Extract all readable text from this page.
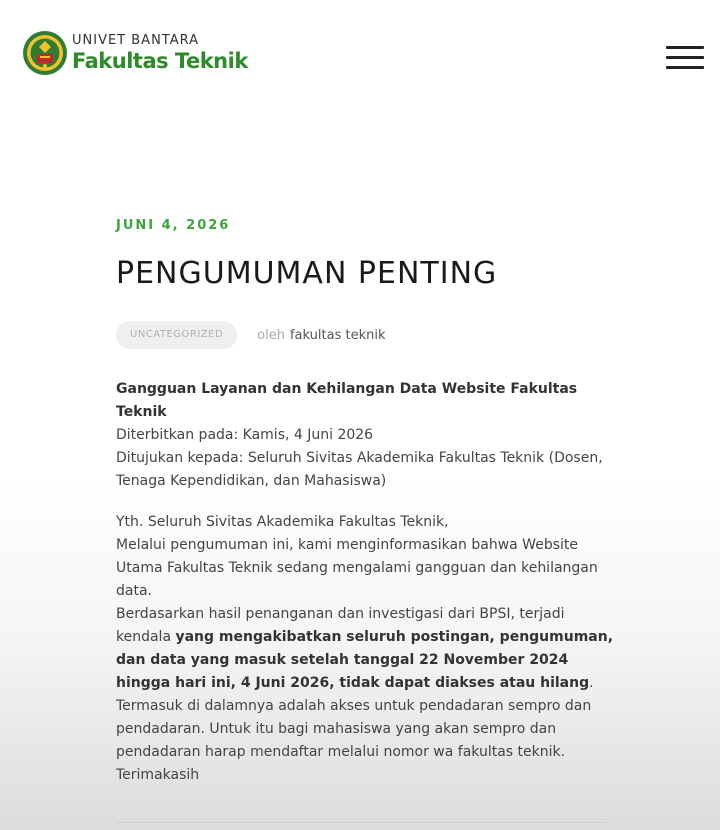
UNIVET BANTARA
Fakultas Teknik
JUNI 4, 2026
PENGUMUMAN PENTING
UNCATEGORIZED	oleh fakultas teknik

Gangguan Layanan dan Kehilangan Data Website Fakultas Teknik

Diterbitkan pada: Kamis, 4 Juni 2026

Ditujukan kepada: Seluruh Sivitas Akademika Fakultas Teknik (Dosen, Tenaga Kependidikan, dan Mahasiswa)

Yth. Seluruh Sivitas Akademika Fakultas Teknik,

Melalui pengumuman ini, kami menginformasikan bahwa Website Utama Fakultas Teknik sedang mengalami gangguan dan kehilangan data.

Berdasarkan hasil penanganan dan investigasi dari BPSI, terjadi kendala yang mengakibatkan seluruh postingan, pengumuman, dan data yang masuk setelah tanggal 22 November 2024 hingga hari ini, 4 Juni 2026, tidak dapat diakses atau hilang. Termasuk di dalamnya adalah akses untuk pendadaran sempro dan pendadaran. Untuk itu bagi mahasiswa yang akan sempro dan pendadaran harap mendaftar melalui nomor wa fakultas teknik.

Terimakasih
